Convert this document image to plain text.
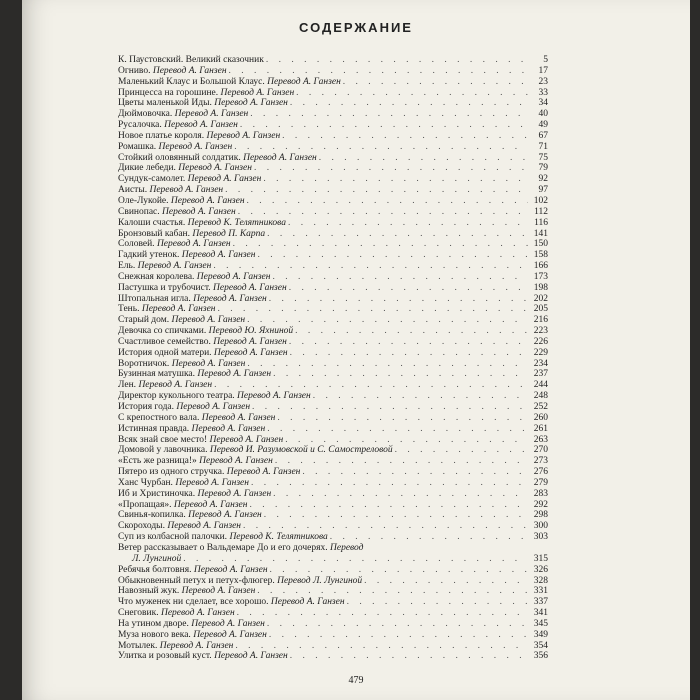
СОДЕРЖАНИЕ
К. Паустовский. Великий сказочник . . .	5
Огниво. Перевод А. Ганзен . . .	17
Маленький Клаус и Большой Клаус. Перевод А. Ганзен . . .	23
Принцесса на горошине. Перевод А. Ганзен . . .	33
Цветы маленькой Иды. Перевод А. Ганзен . . .	34
Дюймовочка. Перевод А. Ганзен . . .	40
Русалочка. Перевод А. Ганзен . . .	49
Новое платье короля. Перевод А. Ганзен . . .	67
Ромашка. Перевод А. Ганзен . . .	71
Стойкий оловянный солдатик. Перевод А. Ганзен . . .	75
Дикие лебеди. Перевод А. Ганзен . . .	79
Сундук-самолет. Перевод А. Ганзен . . .	92
Аисты. Перевод А. Ганзен . . .	97
Оле-Лукойе. Перевод А. Ганзен . . .	102
Свинопас. Перевод А. Ганзен . . .	112
Калоши счастья. Перевод К. Телятникова . . .	116
Бронзовый кабан. Перевод П. Карпа . . .	141
Соловей. Перевод А. Ганзен . . .	150
Гадкий утенок. Перевод А. Ганзен . . .	158
Ель. Перевод А. Ганзен . . .	166
Снежная королева. Перевод А. Ганзен . . .	173
Пастушка и трубочист. Перевод А. Ганзен . . .	198
Штопальная игла. Перевод А. Ганзен . . .	202
Тень. Перевод А. Ганзен . . .	205
Старый дом. Перевод А. Ганзен . . .	216
Девочка со спичками. Перевод Ю. Яхниной . . .	223
Счастливое семейство. Перевод А. Ганзен . . .	226
История одной матери. Перевод А. Ганзен . . .	229
Воротничок. Перевод А. Ганзен . . .	234
Бузинная матушка. Перевод А. Ганзен . . .	237
Лен. Перевод А. Ганзен . . .	244
Директор кукольного театра. Перевод А. Ганзен . . .	248
История года. Перевод А. Ганзен . . .	252
С крепостного вала. Перевод А. Ганзен . . .	260
Истинная правда. Перевод А. Ганзен . . .	261
Всяк знай свое место! Перевод А. Ганзен . . .	263
Домовой у лавочника. Перевод И. Разумовской и С. Самостреловой . . .	270
«Есть же разница!» Перевод А. Ганзен . . .	273
Пятеро из одного стручка. Перевод А. Ганзен . . .	276
Ханс Чурбан. Перевод А. Ганзен . . .	279
Иб и Христиночка. Перевод А. Ганзен . . .	283
«Пропащая». Перевод А. Ганзен . . .	292
Свинья-копилка. Перевод А. Ганзен . . .	298
Скороходы. Перевод А. Ганзен . . .	300
Суп из колбасной палочки. Перевод К. Телятникова . . .	303
Ветер рассказывает о Вальдемаре До и его дочерях. Перевод
Л. Лунгиной . . .	315
Ребячья болтовня. Перевод А. Ганзен . . .	326
Обыкновенный петух и петух-флюгер. Перевод Л. Лунгиной . . .	328
Навозный жук. Перевод А. Ганзен . . .	331
Что муженек ни сделает, все хорошо. Перевод А. Ганзен . . .	337
Снеговик. Перевод А. Ганзен . . .	341
На утином дворе. Перевод А. Ганзен . . .	345
Муза нового века. Перевод А. Ганзен . . .	349
Мотылек. Перевод А. Ганзен . . .	354
Улитка и розовый куст. Перевод А. Ганзен . . .	356
479
